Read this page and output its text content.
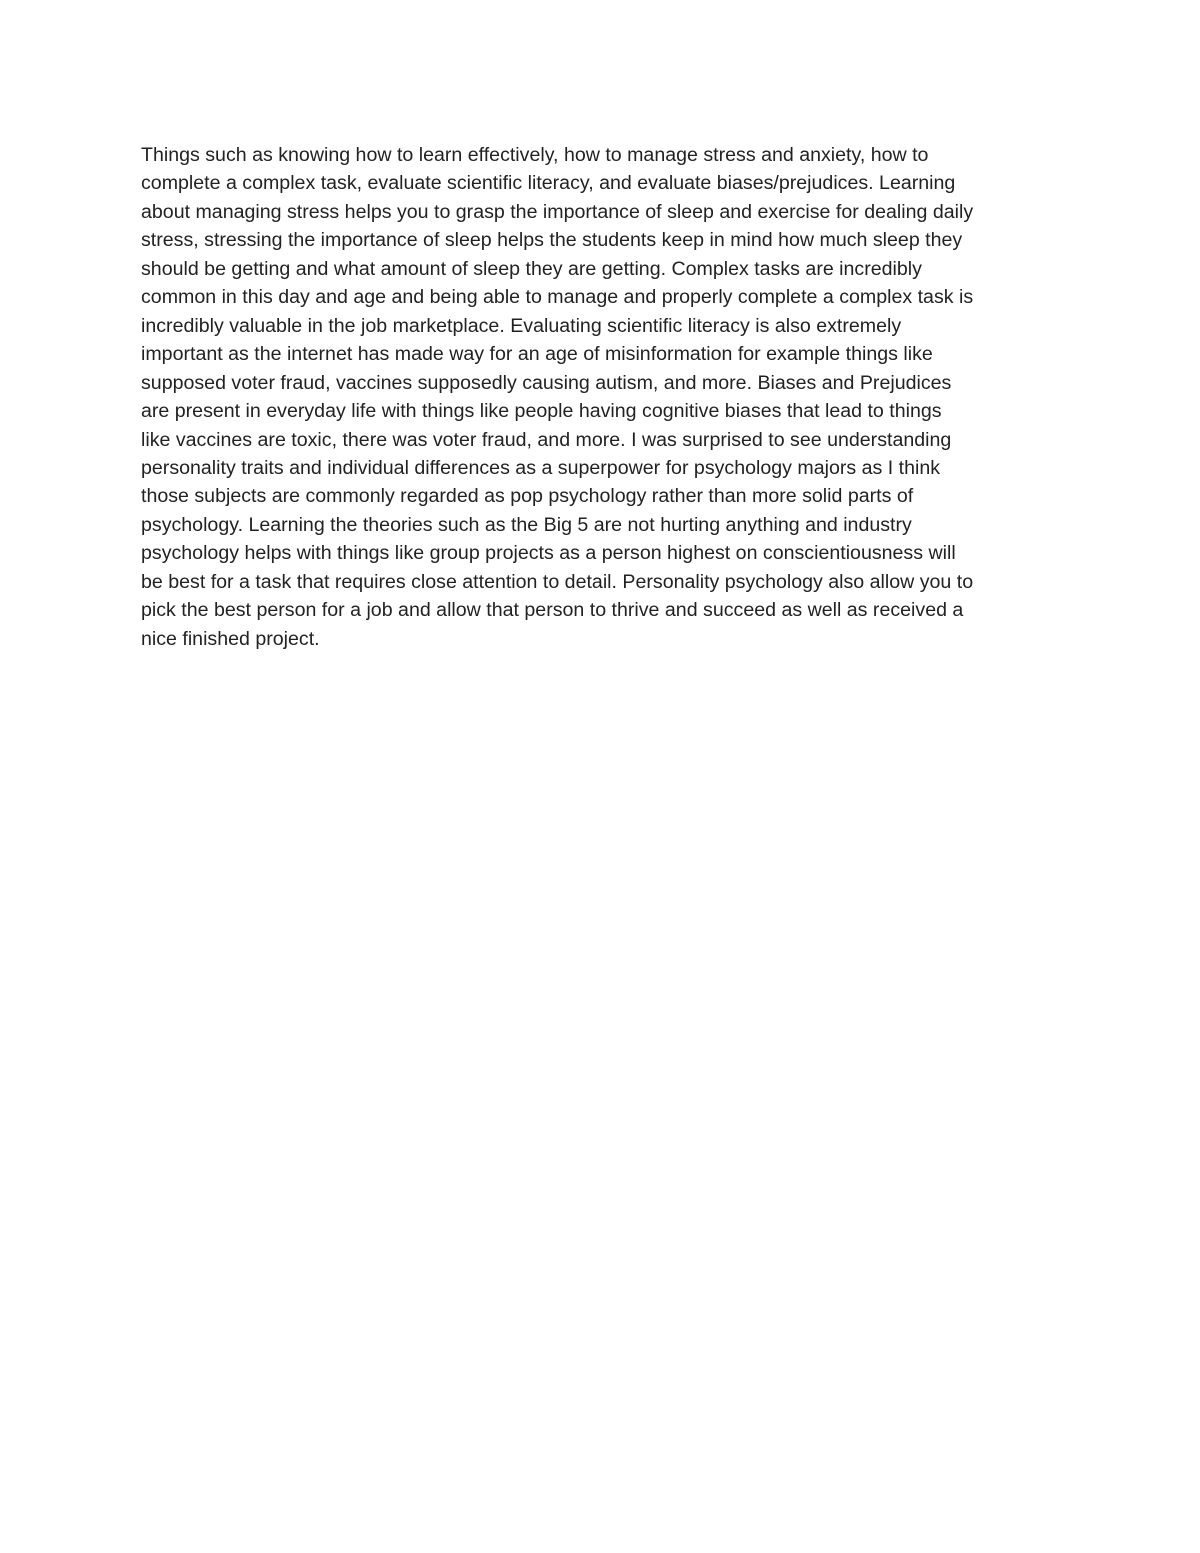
Things such as knowing how to learn effectively, how to manage stress and anxiety, how to
complete a complex task, evaluate scientific literacy, and evaluate biases/prejudices. Learning
about managing stress helps you to grasp the importance of sleep and exercise for dealing daily
stress, stressing the importance of sleep helps the students keep in mind how much sleep they
should be getting and what amount of sleep they are getting. Complex tasks are incredibly
common in this day and age and being able to manage and properly complete a complex task is
incredibly valuable in the job marketplace. Evaluating scientific literacy is also extremely
important as the internet has made way for an age of misinformation for example things like
supposed voter fraud, vaccines supposedly causing autism, and more. Biases and Prejudices
are present in everyday life with things like people having cognitive biases that lead to things
like vaccines are toxic, there was voter fraud, and more. I was surprised to see understanding
personality traits and individual differences as a superpower for psychology majors as I think
those subjects are commonly regarded as pop psychology rather than more solid parts of
psychology. Learning the theories such as the Big 5 are not hurting anything and industry
psychology helps with things like group projects as a person highest on conscientiousness will
be best for a task that requires close attention to detail. Personality psychology also allow you to
pick the best person for a job and allow that person to thrive and succeed as well as received a
nice finished project.
